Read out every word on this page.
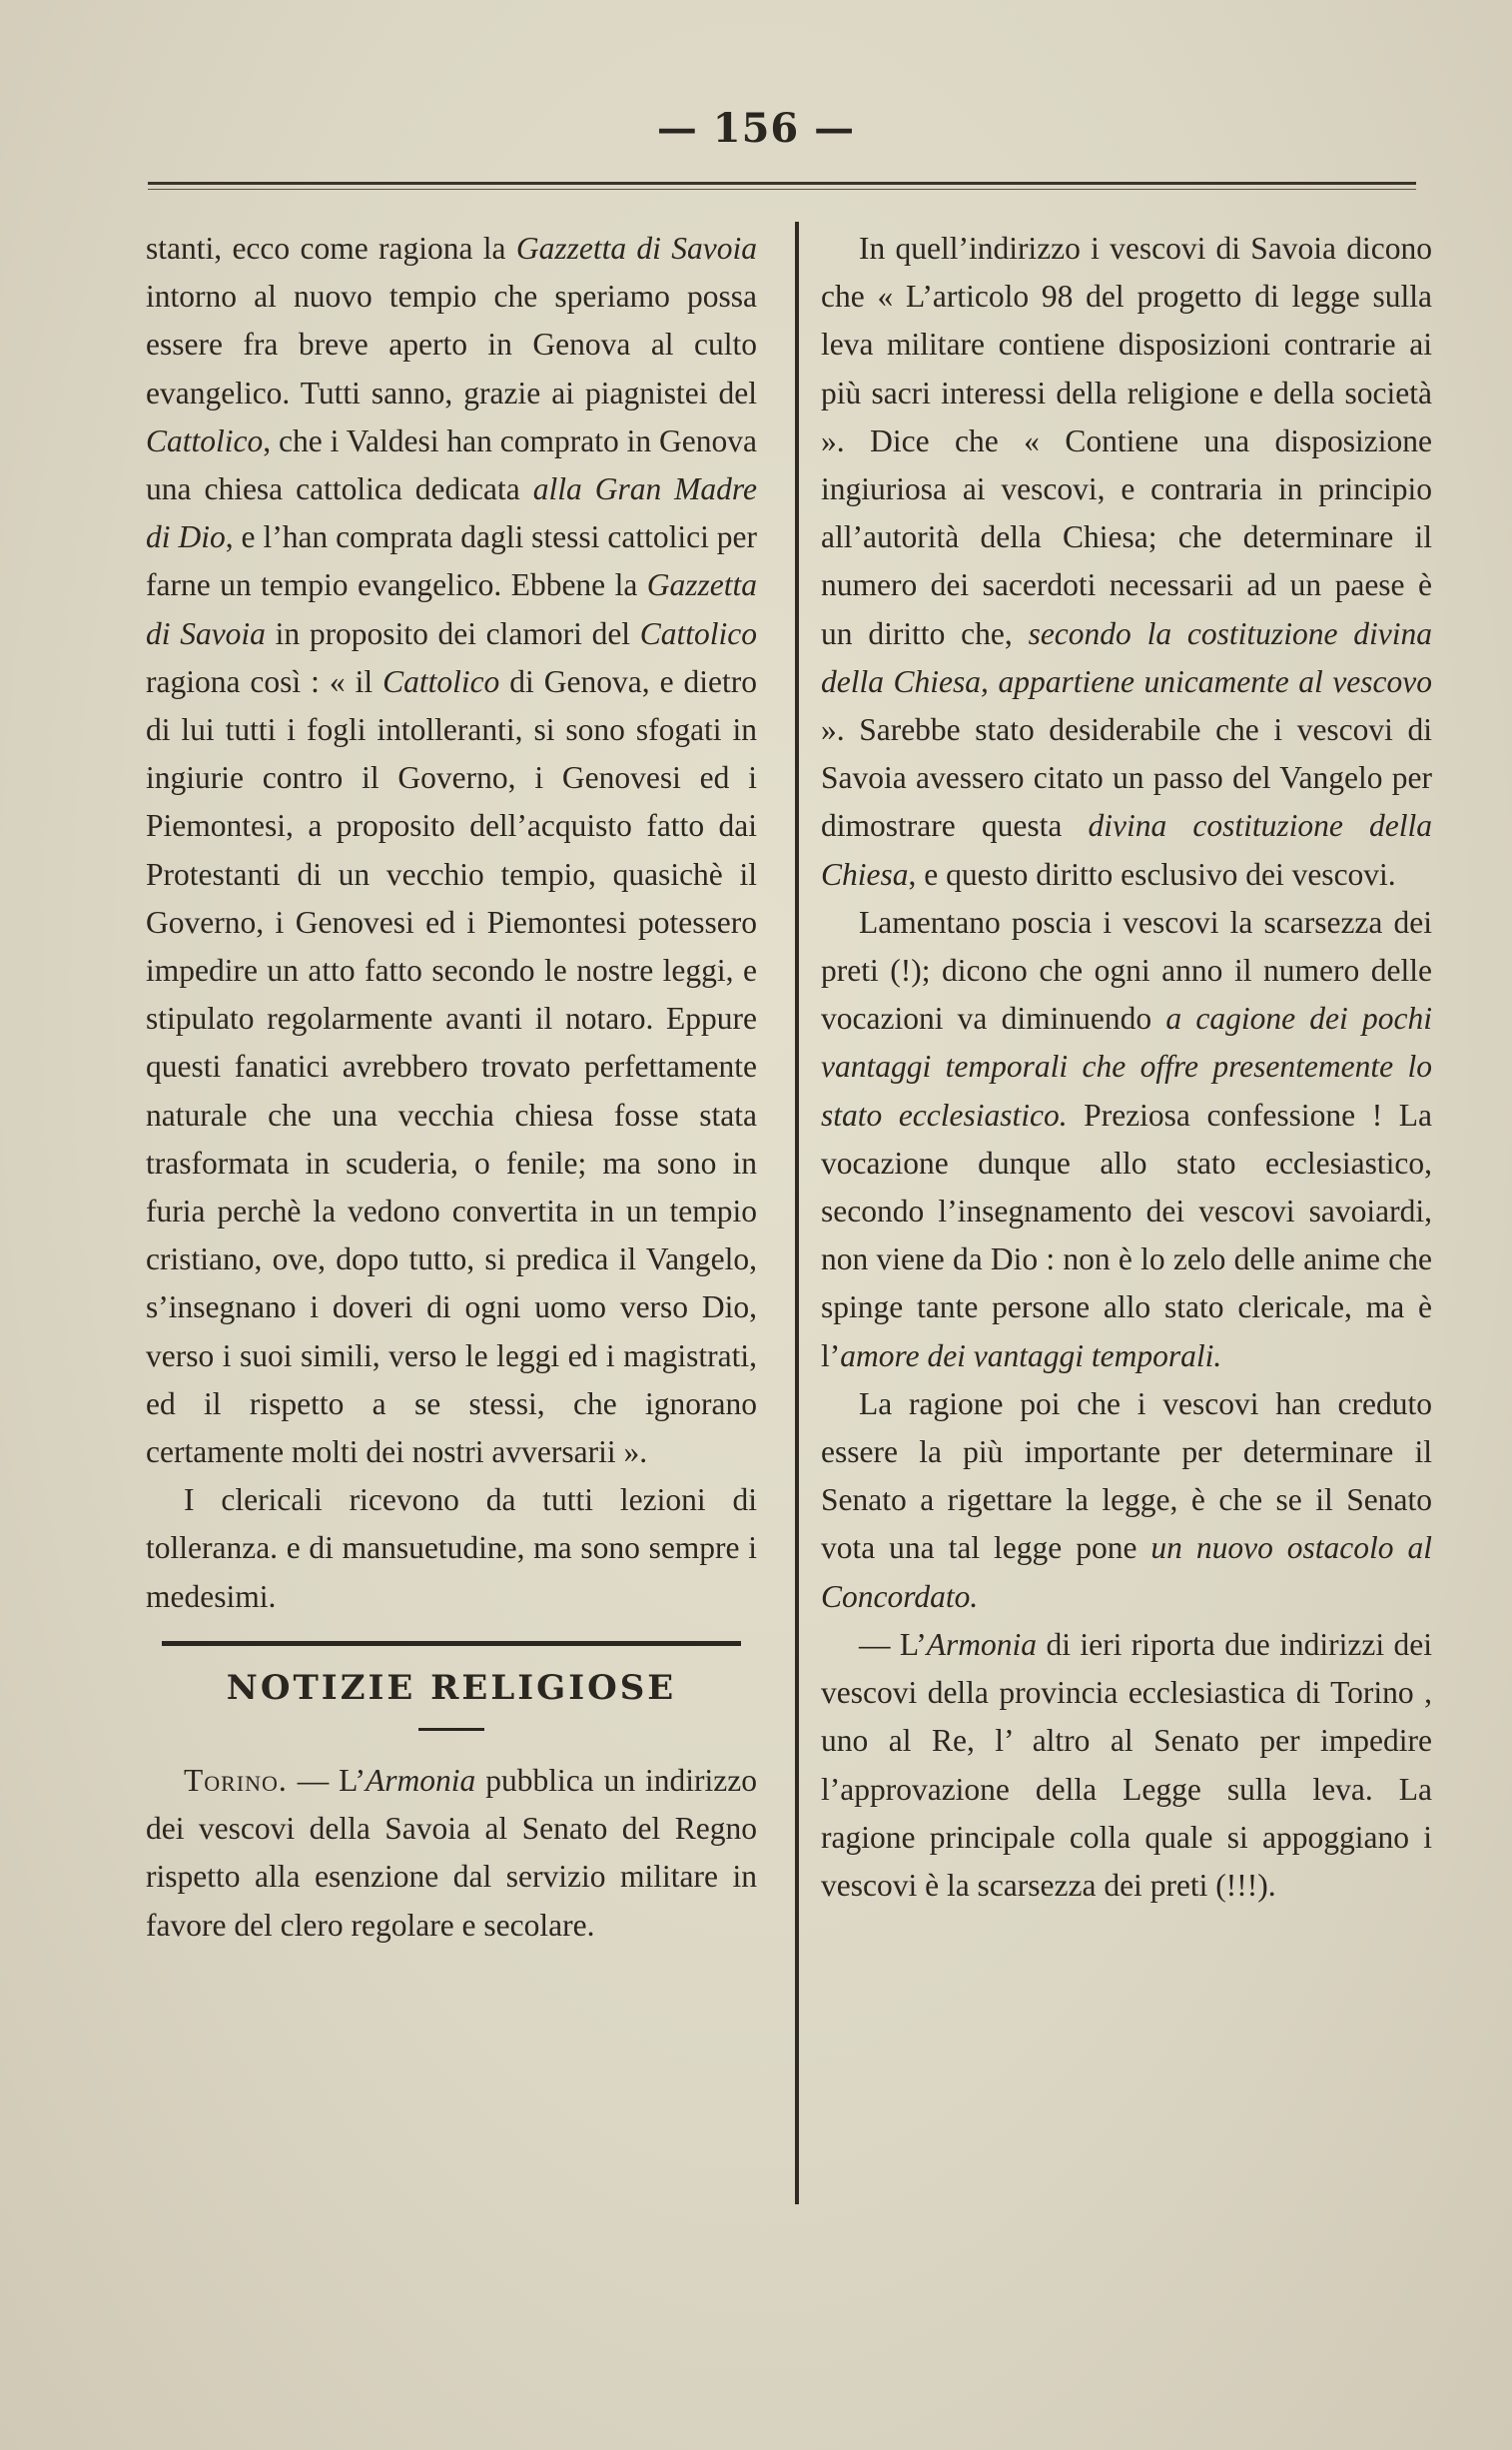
— 156 —

stanti, ecco come ragiona la Gazzetta di Savoia intorno al nuovo tempio che speriamo possa essere fra breve aperto in Genova al culto evangelico. Tutti sanno, grazie ai piagnistei del Cattolico, che i Valdesi han comprato in Genova una chiesa cattolica dedicata alla Gran Madre di Dio, e l’han comprata dagli stessi cattolici per farne un tempio evangelico. Ebbene la Gazzetta di Savoia in proposito dei clamori del Cattolico ragiona così : « il Cattolico di Genova, e dietro di lui tutti i fogli intolleranti, si sono sfogati in ingiurie contro il Governo, i Genovesi ed i Piemontesi, a proposito dell’acquisto fatto dai Protestanti di un vecchio tempio, quasichè il Governo, i Genovesi ed i Piemontesi potessero impedire un atto fatto secondo le nostre leggi, e stipulato regolarmente avanti il notaro. Eppure questi fanatici avrebbero trovato perfettamente naturale che una vecchia chiesa fosse stata trasformata in scuderia, o fenile; ma sono in furia perchè la vedono convertita in un tempio cristiano, ove, dopo tutto, si predica il Vangelo, s’insegnano i doveri di ogni uomo verso Dio, verso i suoi simili, verso le leggi ed i magistrati, ed il rispetto a se stessi, che ignorano certamente molti dei nostri avversarii ».

I clericali ricevono da tutti lezioni di tolleranza. e di mansuetudine, ma sono sempre i medesimi.

NOTIZIE RELIGIOSE

Torino. — L’Armonia pubblica un indirizzo dei vescovi della Savoia al Senato del Regno rispetto alla esenzione dal servizio militare in favore del clero regolare e secolare.

In quell’indirizzo i vescovi di Savoia dicono che « L’articolo 98 del progetto di legge sulla leva militare contiene disposizioni contrarie ai più sacri interessi della religione e della società ». Dice che « Contiene una disposizione ingiuriosa ai vescovi, e contraria in principio all’autorità della Chiesa; che determinare il numero dei sacerdoti necessarii ad un paese è un diritto che, secondo la costituzione divina della Chiesa, appartiene unicamente al vescovo ». Sarebbe stato desiderabile che i vescovi di Savoia avessero citato un passo del Vangelo per dimostrare questa divina costituzione della Chiesa, e questo diritto esclusivo dei vescovi.

Lamentano poscia i vescovi la scarsezza dei preti (!); dicono che ogni anno il numero delle vocazioni va diminuendo a cagione dei pochi vantaggi temporali che offre presentemente lo stato ecclesiastico. Preziosa confessione ! La vocazione dunque allo stato ecclesiastico, secondo l’insegnamento dei vescovi savoiardi, non viene da Dio : non è lo zelo delle anime che spinge tante persone allo stato clericale, ma è l’amore dei vantaggi temporali.

La ragione poi che i vescovi han creduto essere la più importante per determinare il Senato a rigettare la legge, è che se il Senato vota una tal legge pone un nuovo ostacolo al Concordato.

— L’Armonia di ieri riporta due indirizzi dei vescovi della provincia ecclesiastica di Torino , uno al Re, l’ altro al Senato per impedire l’approvazione della Legge sulla leva. La ragione principale colla quale si appoggiano i vescovi è la scarsezza dei preti (!!!).
